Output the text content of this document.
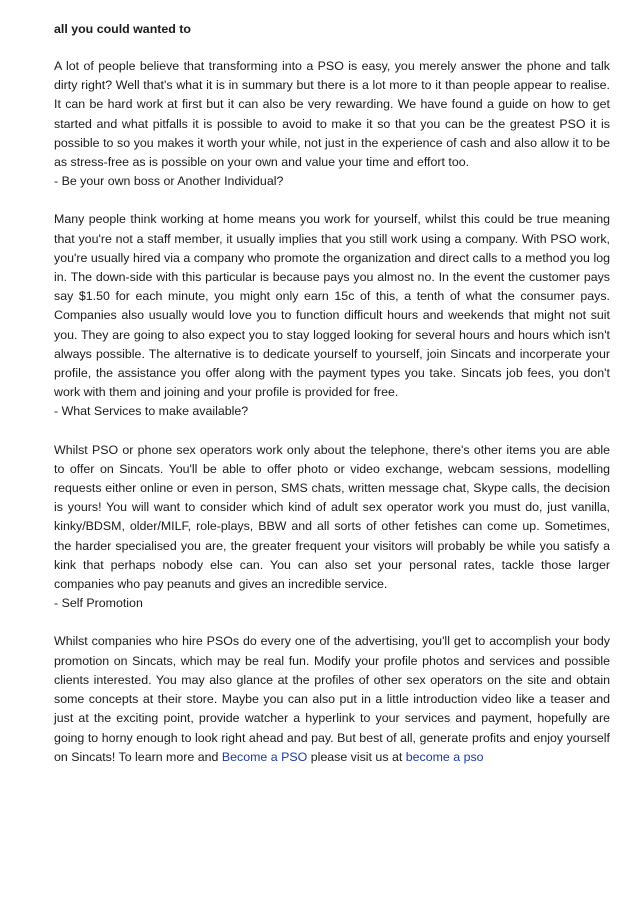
all you could wanted to

A lot of people believe that transforming into a PSO is easy, you merely answer the phone and talk dirty right? Well that's what it is in summary but there is a lot more to it than people appear to realise. It can be hard work at first but it can also be very rewarding. We have found a guide on how to get started and what pitfalls it is possible to avoid to make it so that you can be the greatest PSO it is possible to so you makes it worth your while, not just in the experience of cash and also allow it to be as stress-free as is possible on your own and value your time and effort too.

- Be your own boss or Another Individual?

Many people think working at home means you work for yourself, whilst this could be true meaning that you're not a staff member, it usually implies that you still work using a company. With PSO work, you're usually hired via a company who promote the organization and direct calls to a method you log in. The down-side with this particular is because pays you almost no. In the event the customer pays say $1.50 for each minute, you might only earn 15c of this, a tenth of what the consumer pays. Companies also usually would love you to function difficult hours and weekends that might not suit you. They are going to also expect you to stay logged looking for several hours and hours which isn't always possible. The alternative is to dedicate yourself to yourself, join Sincats and incorperate your profile, the assistance you offer along with the payment types you take. Sincats job fees, you don't work with them and joining and your profile is provided for free.

- What Services to make available?

Whilst PSO or phone sex operators work only about the telephone, there's other items you are able to offer on Sincats. You'll be able to offer photo or video exchange, webcam sessions, modelling requests either online or even in person, SMS chats, written message chat, Skype calls, the decision is yours! You will want to consider which kind of adult sex operator work you must do, just vanilla, kinky/BDSM, older/MILF, role-plays, BBW and all sorts of other fetishes can come up. Sometimes, the harder specialised you are, the greater frequent your visitors will probably be while you satisfy a kink that perhaps nobody else can. You can also set your personal rates, tackle those larger companies who pay peanuts and gives an incredible service.

- Self Promotion

Whilst companies who hire PSOs do every one of the advertising, you'll get to accomplish your body promotion on Sincats, which may be real fun. Modify your profile photos and services and possible clients interested. You may also glance at the profiles of other sex operators on the site and obtain some concepts at their store. Maybe you can also put in a little introduction video like a teaser and just at the exciting point, provide watcher a hyperlink to your services and payment, hopefully are going to horny enough to look right ahead and pay. But best of all, generate profits and enjoy yourself on Sincats! To learn more and Become a PSO please visit us at become a pso
